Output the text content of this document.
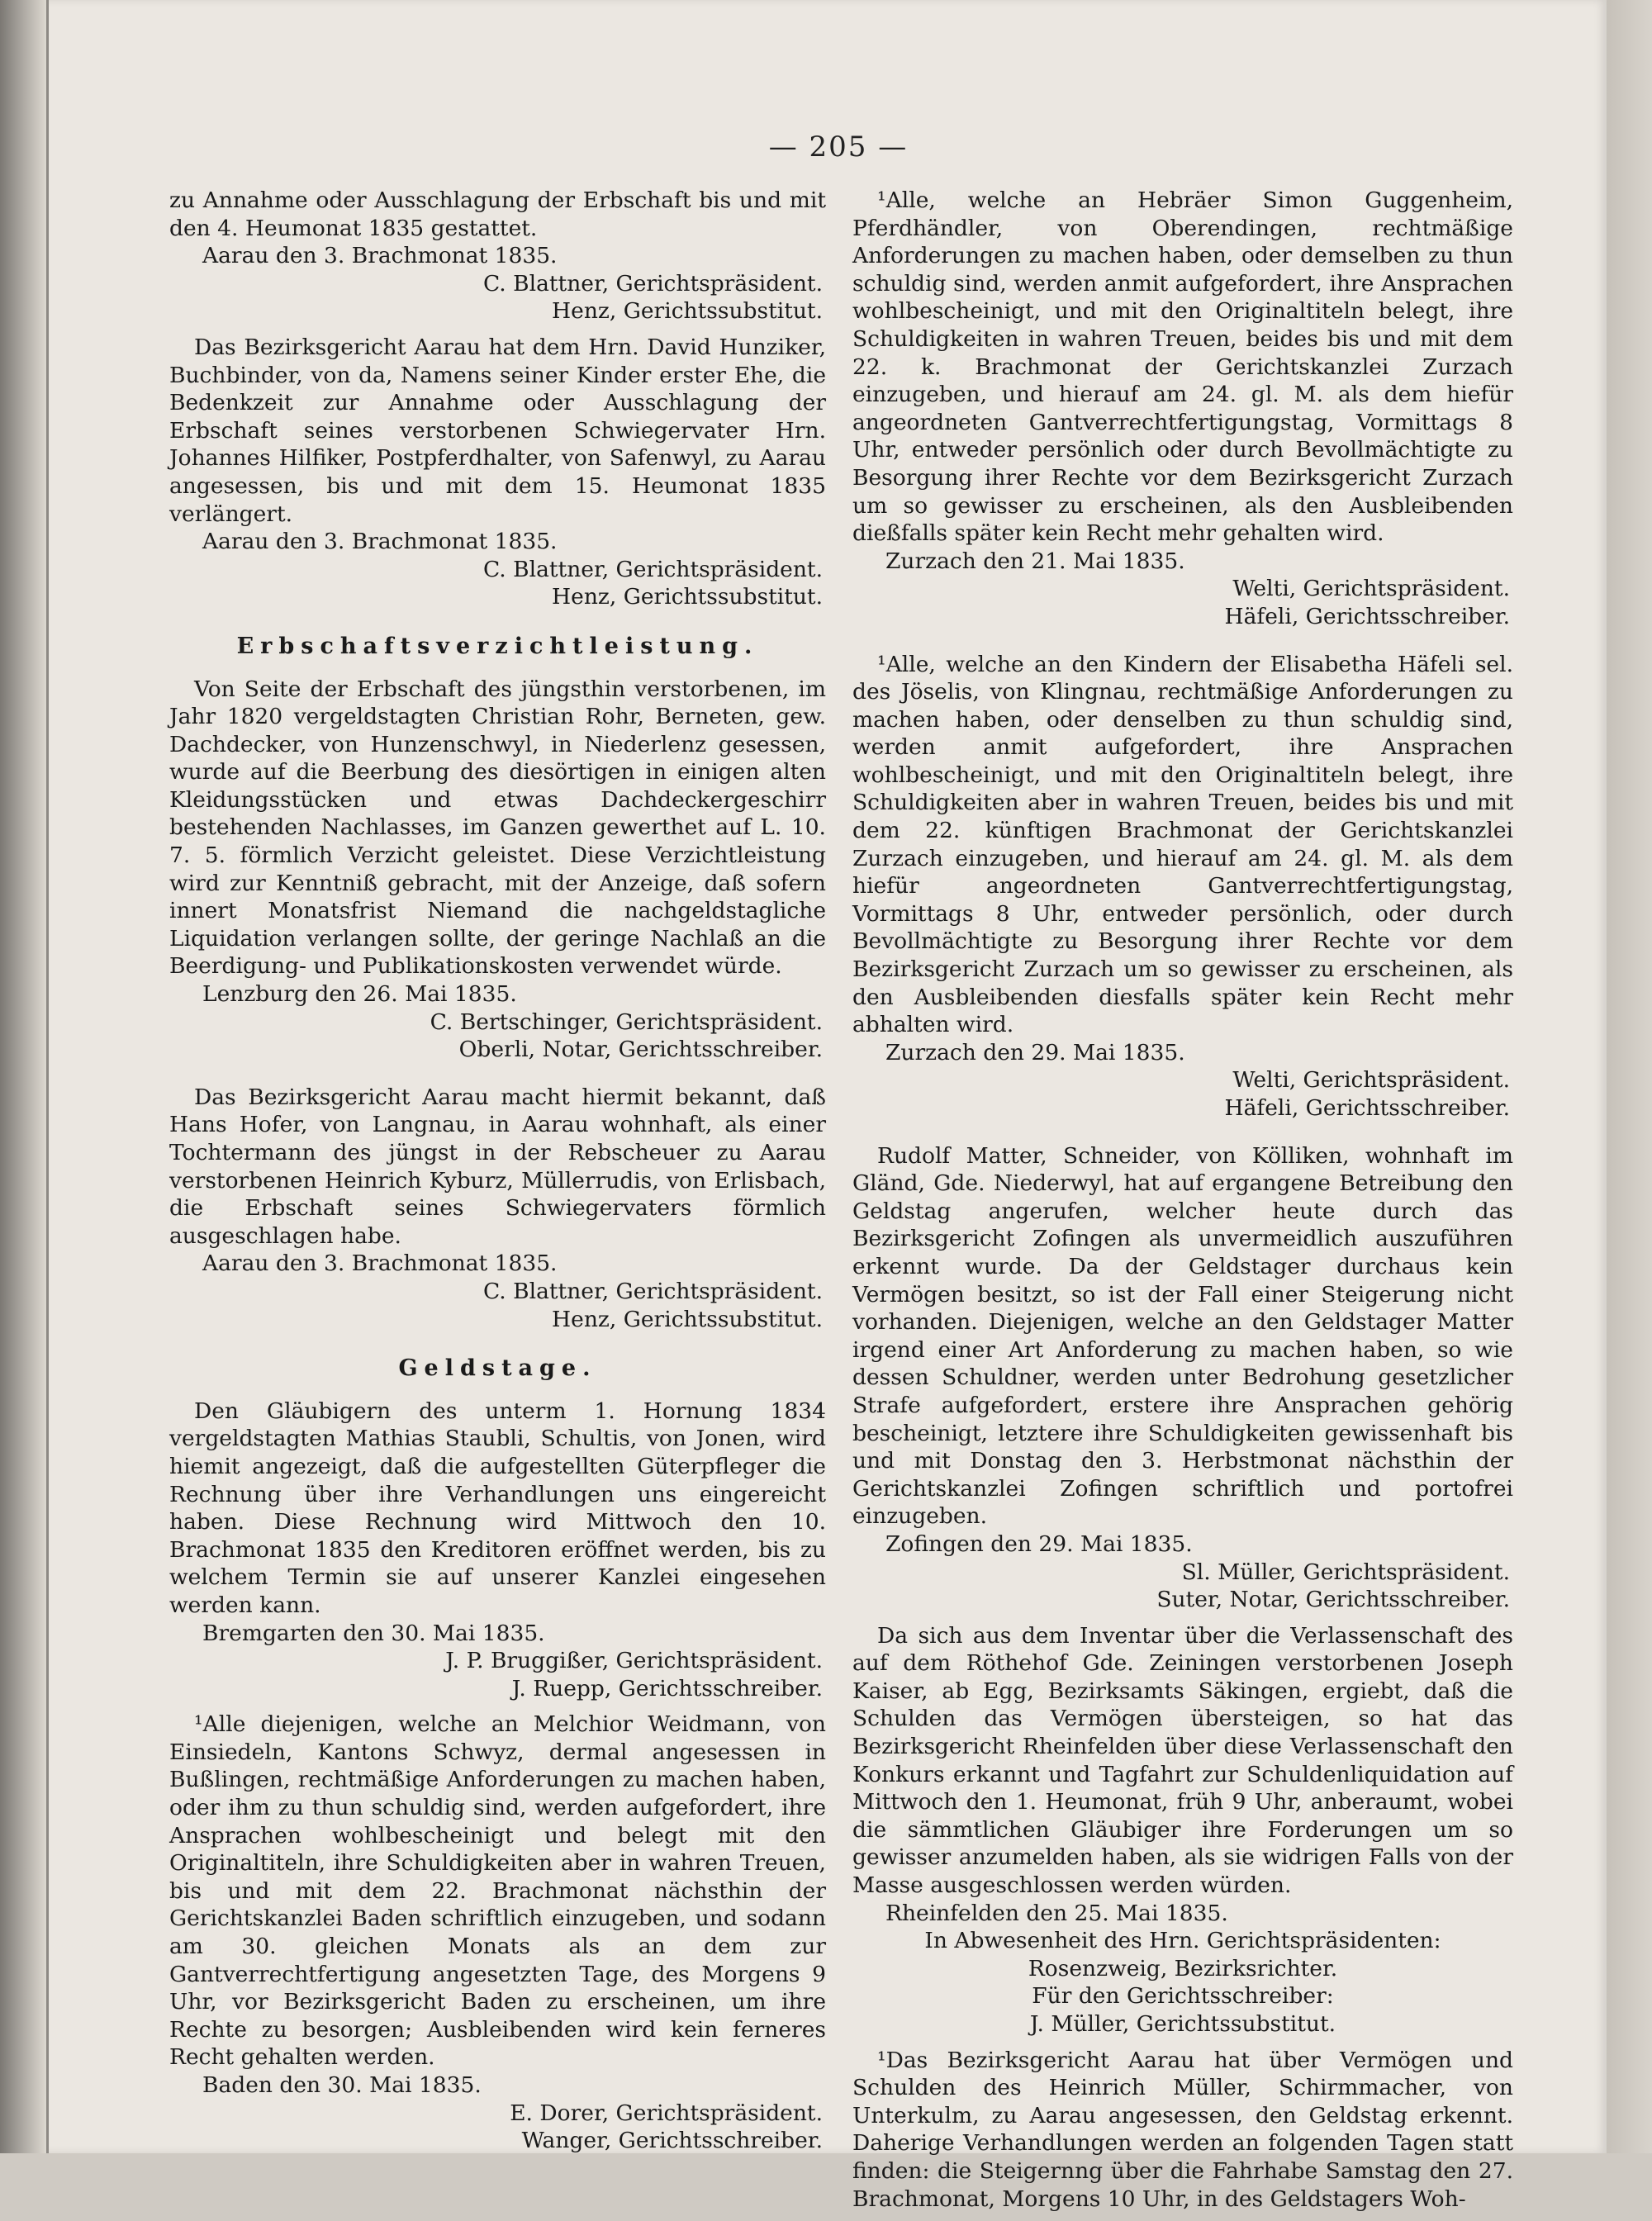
— 205 —

zu Annahme oder Ausschlagung der Erbschaft bis und mit den 4. Heumonat 1835 gestattet.

Aarau den 3. Brachmonat 1835.

C. Blattner, Gerichtspräsident.

Henz, Gerichtssubstitut.

Das Bezirksgericht Aarau hat dem Hrn. David Hunziker, Buchbinder, von da, Namens seiner Kinder erster Ehe, die Bedenkzeit zur Annahme oder Ausschlagung der Erbschaft seines verstorbenen Schwiegervater Hrn. Johannes Hilfiker, Postpferdhalter, von Safenwyl, zu Aarau angesessen, bis und mit dem 15. Heumonat 1835 verlängert.

Aarau den 3. Brachmonat 1835.

C. Blattner, Gerichtspräsident.

Henz, Gerichtssubstitut.

Erbschaftsverzichtleistung.

Von Seite der Erbschaft des jüngsthin verstorbenen, im Jahr 1820 vergeldstagten Christian Rohr, Berneten, gew. Dachdecker, von Hunzenschwyl, in Niederlenz gesessen, wurde auf die Beerbung des diesörtigen in einigen alten Kleidungsstücken und etwas Dachdeckergeschirr bestehenden Nachlasses, im Ganzen gewerthet auf L. 10. 7. 5. förmlich Verzicht geleistet. Diese Verzichtleistung wird zur Kenntniß gebracht, mit der Anzeige, daß sofern innert Monatsfrist Niemand die nachgeldstagliche Liquidation verlangen sollte, der geringe Nachlaß an die Beerdigung- und Publikationskosten verwendet würde.

Lenzburg den 26. Mai 1835.

C. Bertschinger, Gerichtspräsident.

Oberli, Notar, Gerichtsschreiber.

Das Bezirksgericht Aarau macht hiermit bekannt, daß Hans Hofer, von Langnau, in Aarau wohnhaft, als einer Tochtermann des jüngst in der Rebscheuer zu Aarau verstorbenen Heinrich Kyburz, Müllerrudis, von Erlisbach, die Erbschaft seines Schwiegervaters förmlich ausgeschlagen habe.

Aarau den 3. Brachmonat 1835.

C. Blattner, Gerichtspräsident.

Henz, Gerichtssubstitut.

Geldstage.

Den Gläubigern des unterm 1. Hornung 1834 vergeldstagten Mathias Staubli, Schultis, von Jonen, wird hiemit angezeigt, daß die aufgestellten Güterpfleger die Rechnung über ihre Verhandlungen uns eingereicht haben. Diese Rechnung wird Mittwoch den 10. Brachmonat 1835 den Kreditoren eröffnet werden, bis zu welchem Termin sie auf unserer Kanzlei eingesehen werden kann.

Bremgarten den 30. Mai 1835.

J. P. Bruggißer, Gerichtspräsident.

J. Ruepp, Gerichtsschreiber.

¹Alle diejenigen, welche an Melchior Weidmann, von Einsiedeln, Kantons Schwyz, dermal angesessen in Bußlingen, rechtmäßige Anforderungen zu machen haben, oder ihm zu thun schuldig sind, werden aufgefordert, ihre Ansprachen wohlbescheinigt und belegt mit den Originaltiteln, ihre Schuldigkeiten aber in wahren Treuen, bis und mit dem 22. Brachmonat nächsthin der Gerichtskanzlei Baden schriftlich einzugeben, und sodann am 30. gleichen Monats als an dem zur Gantverrechtfertigung angesetzten Tage, des Morgens 9 Uhr, vor Bezirksgericht Baden zu erscheinen, um ihre Rechte zu besorgen; Ausbleibenden wird kein ferneres Recht gehalten werden.

Baden den 30. Mai 1835.

E. Dorer, Gerichtspräsident.

Wanger, Gerichtsschreiber.

¹Alle, welche an Hebräer Simon Guggenheim, Pferdhändler, von Oberendingen, rechtmäßige Anforderungen zu machen haben, oder demselben zu thun schuldig sind, werden anmit aufgefordert, ihre Ansprachen wohlbescheinigt, und mit den Originaltiteln belegt, ihre Schuldigkeiten in wahren Treuen, beides bis und mit dem 22. k. Brachmonat der Gerichtskanzlei Zurzach einzugeben, und hierauf am 24. gl. M. als dem hiefür angeordneten Gantverrechtfertigungstag, Vormittags 8 Uhr, entweder persönlich oder durch Bevollmächtigte zu Besorgung ihrer Rechte vor dem Bezirksgericht Zurzach um so gewisser zu erscheinen, als den Ausbleibenden dießfalls später kein Recht mehr gehalten wird.

Zurzach den 21. Mai 1835.

Welti, Gerichtspräsident.

Häfeli, Gerichtsschreiber.

¹Alle, welche an den Kindern der Elisabetha Häfeli sel. des Jöselis, von Klingnau, rechtmäßige Anforderungen zu machen haben, oder denselben zu thun schuldig sind, werden anmit aufgefordert, ihre Ansprachen wohlbescheinigt, und mit den Originaltiteln belegt, ihre Schuldigkeiten aber in wahren Treuen, beides bis und mit dem 22. künftigen Brachmonat der Gerichtskanzlei Zurzach einzugeben, und hierauf am 24. gl. M. als dem hiefür angeordneten Gantverrechtfertigungstag, Vormittags 8 Uhr, entweder persönlich, oder durch Bevollmächtigte zu Besorgung ihrer Rechte vor dem Bezirksgericht Zurzach um so gewisser zu erscheinen, als den Ausbleibenden diesfalls später kein Recht mehr abhalten wird.

Zurzach den 29. Mai 1835.

Welti, Gerichtspräsident.

Häfeli, Gerichtsschreiber.

Rudolf Matter, Schneider, von Kölliken, wohnhaft im Gländ, Gde. Niederwyl, hat auf ergangene Betreibung den Geldstag angerufen, welcher heute durch das Bezirksgericht Zofingen als unvermeidlich auszuführen erkennt wurde. Da der Geldstager durchaus kein Vermögen besitzt, so ist der Fall einer Steigerung nicht vorhanden. Diejenigen, welche an den Geldstager Matter irgend einer Art Anforderung zu machen haben, so wie dessen Schuldner, werden unter Bedrohung gesetzlicher Strafe aufgefordert, erstere ihre Ansprachen gehörig bescheinigt, letztere ihre Schuldigkeiten gewissenhaft bis und mit Donstag den 3. Herbstmonat nächsthin der Gerichtskanzlei Zofingen schriftlich und portofrei einzugeben.

Zofingen den 29. Mai 1835.

Sl. Müller, Gerichtspräsident.

Suter, Notar, Gerichtsschreiber.

Da sich aus dem Inventar über die Verlassenschaft des auf dem Röthehof Gde. Zeiningen verstorbenen Joseph Kaiser, ab Egg, Bezirksamts Säkingen, ergiebt, daß die Schulden das Vermögen übersteigen, so hat das Bezirksgericht Rheinfelden über diese Verlassenschaft den Konkurs erkannt und Tagfahrt zur Schuldenliquidation auf Mittwoch den 1. Heumonat, früh 9 Uhr, anberaumt, wobei die sämmtlichen Gläubiger ihre Forderungen um so gewisser anzumelden haben, als sie widrigen Falls von der Masse ausgeschlossen werden würden.

Rheinfelden den 25. Mai 1835.

In Abwesenheit des Hrn. Gerichtspräsidenten:

Rosenzweig, Bezirksrichter.

Für den Gerichtsschreiber:

J. Müller, Gerichtssubstitut.

¹Das Bezirksgericht Aarau hat über Vermögen und Schulden des Heinrich Müller, Schirmmacher, von Unterkulm, zu Aarau angesessen, den Geldstag erkennt. Daherige Verhandlungen werden an folgenden Tagen statt finden: die Steigernng über die Fahrhabe Samstag den 27. Brachmonat, Morgens 10 Uhr, in des Geldstagers Woh-
